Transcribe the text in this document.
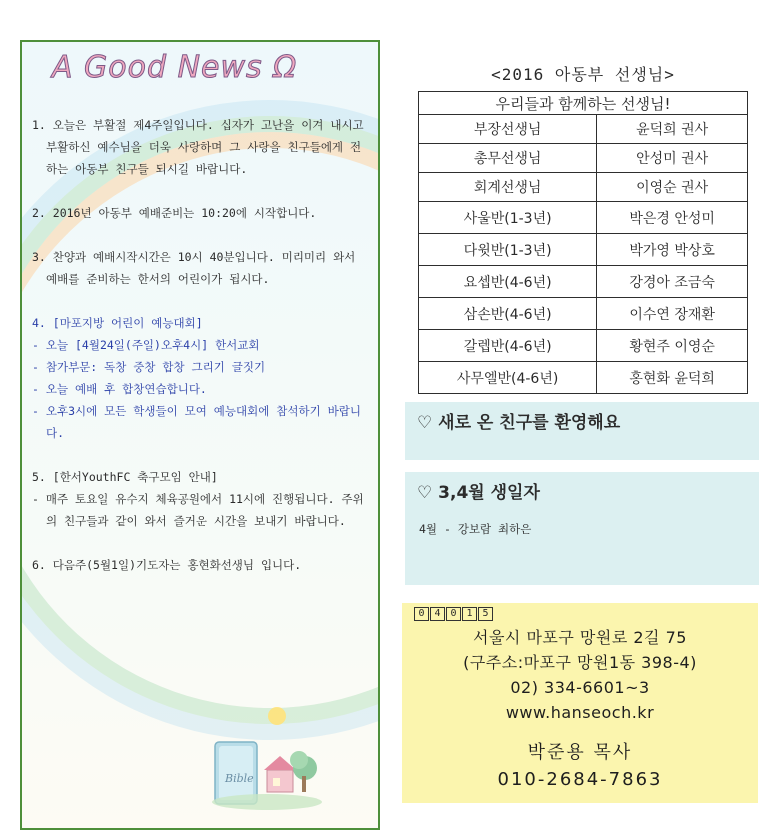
Bible
A Good News Ω
1. 오늘은 부활절 제4주일입니다. 십자가 고난을 이겨 내시고 부활하신 예수님을 더욱 사랑하며 그 사랑을 친구들에게 전하는 아동부 친구들 되시길 바랍니다.
2. 2016년 아동부 예배준비는 10:20에 시작합니다.
3. 찬양과 예배시작시간은 10시 40분입니다. 미리미리 와서 예배를 준비하는 한서의 어린이가 됩시다.
4. [마포지방 어린이 예능대회]
- 오늘 [4월24일(주일)오후4시] 한서교회
- 참가부문: 독창 중창 합창 그리기 글짓기
- 오늘 예배 후 합창연습합니다.
- 오후3시에 모든 학생들이 모여 예능대회에 참석하기 바랍니다.
5. [한서YouthFC 축구모임 안내]
- 매주 토요일 유수지 체육공원에서 11시에 진행됩니다. 주위의 친구들과 같이 와서 즐거운 시간을 보내기 바랍니다.
6. 다음주(5월1일)기도자는 홍현화선생님 입니다.
<2016 아동부 선생님>
우리들과 함께하는 선생님!	
부장선생님	윤덕희 권사
총무선생님	안성미 권사
회계선생님	이영순 권사
사울반(1-3년)	박은경 안성미
다윗반(1-3년)	박가영 박상호
요셉반(4-6년)	강경아 조금숙
삼손반(4-6년)	이수연 장재환
갈렙반(4-6년)	황현주 이영순
사무엘반(4-6년)	홍현화 윤덕희
♡ 새로 온 친구를 환영해요
♡ 3,4월 생일자
4월 - 강보람 최하은
0 4 0 1 5
서울시 마포구 망원로 2길 75
(구주소:마포구 망원1동 398-4)
02) 334-6601~3
www.hanseoch.kr
박준용 목사
010-2684-7863
